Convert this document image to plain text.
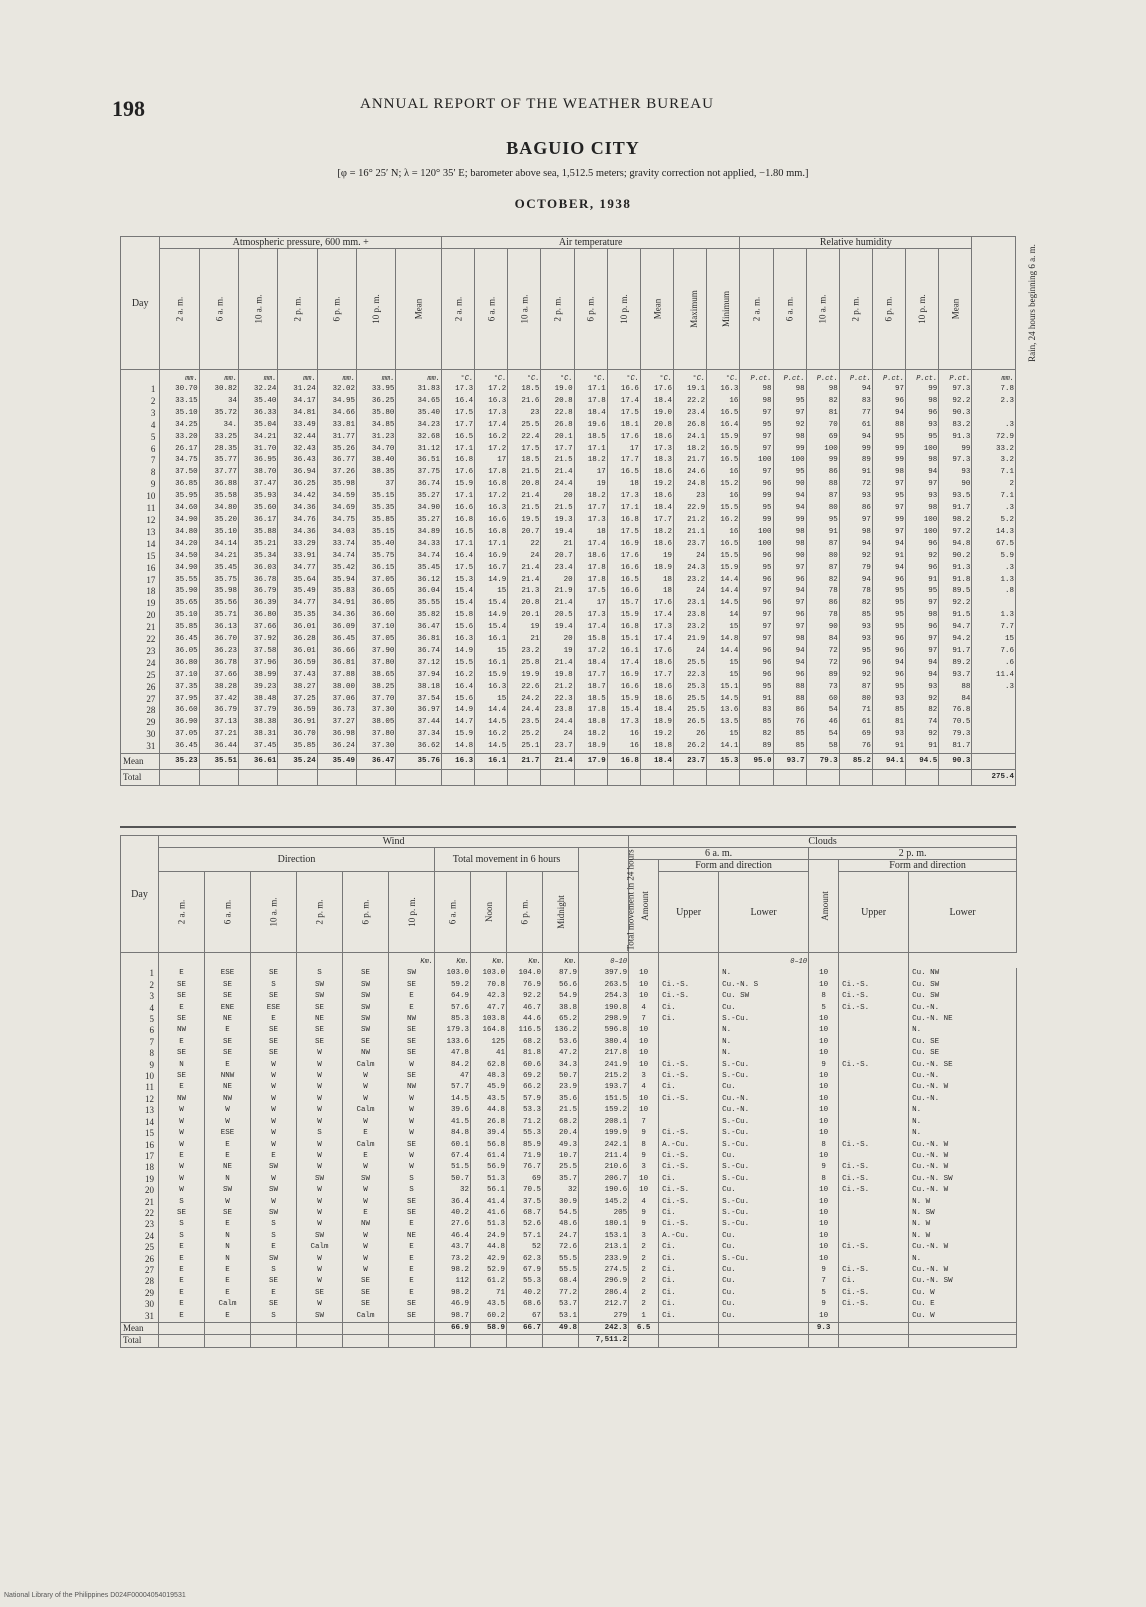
198	ANNUAL REPORT OF THE WEATHER BUREAU
BAGUIO CITY
[φ = 16° 25′ N; λ = 120° 35′ E; barometer above sea, 1,512.5 meters; gravity correction not applied, −1.80 mm.]
OCTOBER, 1938
Day	Atmospheric pressure, 600 mm. +							Air temperature									Relative humidity							Rain, 24 hours beginning 6 a. m.
	2 a. m.	6 a. m.	10 a. m.	2 p. m.	6 p. m.	10 p. m.	Mean	2 a. m.	6 a. m.	10 a. m.	2 p. m.	6 p. m.	10 p. m.	Mean	Maximum	Minimum	2 a. m.	6 a. m.	10 a. m.	2 p. m.	6 p. m.	10 p. m.	Mean	
	mm.	mm.	mm.	mm.	mm.	mm.	mm.	°C.	°C.	°C.	°C.	°C.	°C.	°C.	°C.	°C.	P.ct.	P.ct.	P.ct.	P.ct.	P.ct.	P.ct.	P.ct.	mm.
1	30.70	30.82	32.24	31.24	32.02	33.95	31.83	17.3	17.2	18.5	19.0	17.1	16.6	17.6	19.1	16.3	98	98	98	94	97	99	97.3	7.8
2	33.15	34	35.40	34.17	34.95	36.25	34.65	16.4	16.3	21.6	20.8	17.8	17.4	18.4	22.2	16	98	95	82	83	96	98	92.2	2.3
3	35.10	35.72	36.33	34.81	34.66	35.80	35.40	17.5	17.3	23	22.8	18.4	17.5	19.0	23.4	16.5	97	97	81	77	94	96	90.3	
4	34.25	34.	35.04	33.49	33.81	34.85	34.23	17.7	17.4	25.5	26.8	19.6	18.1	20.8	26.8	16.4	95	92	70	61	88	93	83.2	.3
5	33.20	33.25	34.21	32.44	31.77	31.23	32.68	16.5	16.2	22.4	20.1	18.5	17.6	18.6	24.1	15.9	97	98	69	94	95	95	91.3	72.9
6	26.17	28.35	31.70	32.43	35.26	34.70	31.12	17.1	17.2	17.5	17.7	17.1	17	17.3	18.2	16.5	97	99	100	99	99	100	99	33.2
7	34.75	35.77	36.95	36.43	36.77	38.40	36.51	16.8	17	18.5	21.5	18.2	17.7	18.3	21.7	16.5	100	100	99	89	99	98	97.3	3.2
8	37.50	37.77	38.70	36.94	37.26	38.35	37.75	17.6	17.8	21.5	21.4	17	16.5	18.6	24.6	16	97	95	86	91	98	94	93	7.1
9	36.85	36.88	37.47	36.25	35.98	37	36.74	15.9	16.8	20.8	24.4	19	18	19.2	24.8	15.2	96	90	88	72	97	97	90	2
10	35.95	35.58	35.93	34.42	34.59	35.15	35.27	17.1	17.2	21.4	20	18.2	17.3	18.6	23	16	99	94	87	93	95	93	93.5	7.1
11	34.60	34.80	35.60	34.36	34.69	35.35	34.90	16.6	16.3	21.5	21.5	17.7	17.1	18.4	22.9	15.5	95	94	80	86	97	98	91.7	.3
12	34.90	35.20	36.17	34.76	34.75	35.85	35.27	16.8	16.6	19.5	19.3	17.3	16.8	17.7	21.2	16.2	99	99	95	97	99	100	98.2	5.2
13	34.80	35.10	35.88	34.36	34.03	35.15	34.89	16.5	16.8	20.7	19.4	18	17.5	18.2	21.1	16	100	98	91	98	97	100	97.2	14.3
14	34.20	34.14	35.21	33.29	33.74	35.40	34.33	17.1	17.1	22	21	17.4	16.9	18.6	23.7	16.5	100	98	87	94	94	96	94.8	67.5
15	34.50	34.21	35.34	33.91	34.74	35.75	34.74	16.4	16.9	24	20.7	18.6	17.6	19	24	15.5	96	90	80	92	91	92	90.2	5.9
16	34.90	35.45	36.03	34.77	35.42	36.15	35.45	17.5	16.7	21.4	23.4	17.8	16.6	18.9	24.3	15.9	95	97	87	79	94	96	91.3	.3
17	35.55	35.75	36.78	35.64	35.94	37.05	36.12	15.3	14.9	21.4	20	17.8	16.5	18	23.2	14.4	96	96	82	94	96	91	91.8	1.3
18	35.90	35.98	36.79	35.49	35.83	36.65	36.04	15.4	15	21.3	21.9	17.5	16.6	18	24	14.4	97	94	78	78	95	95	89.5	.8
19	35.65	35.56	36.39	34.77	34.91	36.05	35.55	15.4	15.4	20.8	21.4	17	15.7	17.6	23.1	14.5	96	97	86	82	95	97	92.2	
20	35.10	35.71	36.80	35.35	34.36	36.60	35.82	15.8	14.9	20.1	20.5	17.3	15.9	17.4	23.8	14	97	96	78	85	95	98	91.5	1.3
21	35.85	36.13	37.66	36.01	36.09	37.10	36.47	15.6	15.4	19	19.4	17.4	16.8	17.3	23.2	15	97	97	90	93	95	96	94.7	7.7
22	36.45	36.70	37.92	36.28	36.45	37.05	36.81	16.3	16.1	21	20	15.8	15.1	17.4	21.9	14.8	97	98	84	93	96	97	94.2	15
23	36.05	36.23	37.58	36.01	36.66	37.90	36.74	14.9	15	23.2	19	17.2	16.1	17.6	24	14.4	96	94	72	95	96	97	91.7	7.6
24	36.80	36.78	37.96	36.59	36.81	37.80	37.12	15.5	16.1	25.8	21.4	18.4	17.4	18.6	25.5	15	96	94	72	96	94	94	89.2	.6
25	37.10	37.66	38.99	37.43	37.88	38.65	37.94	16.2	15.9	19.9	19.8	17.7	16.9	17.7	22.3	15	96	96	89	92	96	94	93.7	11.4
26	37.35	38.28	39.23	38.27	38.00	38.25	38.18	16.4	16.3	22.6	21.2	18.7	16.6	18.6	25.3	15.1	95	88	73	87	95	93	88	.3
27	37.95	37.42	38.48	37.25	37.06	37.70	37.54	15.6	15	24.2	22.3	18.5	15.9	18.6	25.5	14.5	91	88	60	80	93	92	84	
28	36.60	36.79	37.79	36.59	36.73	37.30	36.97	14.9	14.4	24.4	23.8	17.8	15.4	18.4	25.5	13.6	83	86	54	71	85	82	76.8	
29	36.90	37.13	38.38	36.91	37.27	38.05	37.44	14.7	14.5	23.5	24.4	18.8	17.3	18.9	26.5	13.5	85	76	46	61	81	74	70.5	
30	37.05	37.21	38.31	36.70	36.98	37.80	37.34	15.9	16.2	25.2	24	18.2	16	19.2	26	15	82	85	54	69	93	92	79.3	
31	36.45	36.44	37.45	35.85	36.24	37.30	36.62	14.8	14.5	25.1	23.7	18.9	16	18.8	26.2	14.1	89	85	58	76	91	91	81.7	
Mean	35.23	35.51	36.61	35.24	35.49	36.47	35.76	16.3	16.1	21.7	21.4	17.9	16.8	18.4	23.7	15.3	95.0	93.7	79.3	85.2	94.1	94.5	90.3	
Total																								275.4
Day	Wind											Clouds					
	Direction						Total movement in 6 hours				Total movement in 24 hours	6 a. m.			2 p. m.		
												Amount	Form and direction		Amount	Form and direction	
	2 a. m.	6 a. m.	10 a. m.	2 p. m.	6 p. m.	10 p. m.	6 a. m.	Noon	6 p. m.	Midnight			Upper	Lower		Upper	Lower
						Km.	Km.	Km.	Km.	Km.	0–10			0–10			
1	E	ESE	SE	S	SE	SW	103.0	103.0	104.0	87.9	397.9	10		N.	10		Cu. NW
2	SE	SE	S	SW	SW	SE	59.2	70.8	76.9	56.6	263.5	10	Ci.-S.	Cu.-N. S	10	Ci.-S.	Cu. SW
3	SE	SE	SE	SW	SW	E	64.9	42.3	92.2	54.9	254.3	10	Ci.-S.	Cu. SW	8	Ci.-S.	Cu. SW
4	E	ENE	ESE	SE	SW	E	57.6	47.7	46.7	38.8	190.8	4	Ci.	Cu.	5	Ci.-S.	Cu.-N.
5	SE	NE	E	NE	SW	NW	85.3	103.8	44.6	65.2	298.9	7	Ci.	S.-Cu.	10		Cu.-N. NE
6	NW	E	SE	SE	SW	SE	179.3	164.8	116.5	136.2	596.8	10		N.	10		N.
7	E	SE	SE	SE	SE	SE	133.6	125	68.2	53.6	380.4	10		N.	10		Cu. SE
8	SE	SE	SE	W	NW	SE	47.8	41	81.8	47.2	217.8	10		N.	10		Cu. SE
9	N	E	W	W	Calm	W	84.2	62.8	60.6	34.3	241.9	10	Ci.-S.	S.-Cu.	9	Ci.-S.	Cu.-N. SE
10	SE	NNW	W	W	W	SE	47	48.3	69.2	50.7	215.2	3	Ci.-S.	S.-Cu.	10		Cu.-N.
11	E	NE	W	W	W	NW	57.7	45.9	66.2	23.9	193.7	4	Ci.	Cu.	10		Cu.-N. W
12	NW	NW	W	W	W	W	14.5	43.5	57.9	35.6	151.5	10	Ci.-S.	Cu.-N.	10		Cu.-N.
13	W	W	W	W	Calm	W	39.6	44.8	53.3	21.5	159.2	10		Cu.-N.	10		N.
14	W	W	W	W	W	W	41.5	26.8	71.2	68.2	208.1	7		S.-Cu.	10		N.
15	W	ESE	W	S	E	W	84.8	39.4	55.3	20.4	199.9	9	Ci.-S.	S.-Cu.	10		N.
16	W	E	W	W	Calm	SE	60.1	56.8	85.9	49.3	242.1	8	A.-Cu.	S.-Cu.	8	Ci.-S.	Cu.-N. W
17	E	E	E	W	E	W	67.4	61.4	71.9	10.7	211.4	9	Ci.-S.	Cu.	10		Cu.-N. W
18	W	NE	SW	W	W	W	51.5	56.9	76.7	25.5	210.6	3	Ci.-S.	S.-Cu.	9	Ci.-S.	Cu.-N. W
19	W	N	W	SW	SW	S	50.7	51.3	69	35.7	206.7	10	Ci.	S.-Cu.	8	Ci.-S.	Cu.-N. SW
20	W	SW	SW	W	W	S	32	56.1	70.5	32	190.6	10	Ci.-S.	Cu.	10	Ci.-S.	Cu.-N. W
21	S	W	W	W	W	SE	36.4	41.4	37.5	30.9	145.2	4	Ci.-S.	S.-Cu.	10		N. W
22	SE	SE	SW	W	E	SE	40.2	41.6	68.7	54.5	205	9	Ci.	S.-Cu.	10		N. SW
23	S	E	S	W	NW	E	27.6	51.3	52.6	48.6	180.1	9	Ci.-S.	S.-Cu.	10		N. W
24	S	N	S	SW	W	NE	46.4	24.9	57.1	24.7	153.1	3	A.-Cu.	Cu.	10		N. W
25	E	N	E	Calm	W	E	43.7	44.8	52	72.6	213.1	2	Ci.	Cu.	10	Ci.-S.	Cu.-N. W
26	E	N	SW	W	W	E	73.2	42.9	62.3	55.5	233.9	2	Ci.	S.-Cu.	10		N.
27	E	E	S	W	W	E	98.2	52.9	67.9	55.5	274.5	2	Ci.	Cu.	9	Ci.-S.	Cu.-N. W
28	E	E	SE	W	SE	E	112	61.2	55.3	68.4	296.9	2	Ci.	Cu.	7	Ci.	Cu.-N. SW
29	E	E	E	SE	SE	E	98.2	71	40.2	77.2	286.4	2	Ci.	Cu.	5	Ci.-S.	Cu. W
30	E	Calm	SE	W	SE	SE	46.9	43.5	68.6	53.7	212.7	2	Ci.	Cu.	9	Ci.-S.	Cu. E
31	E	E	S	SW	Calm	SE	98.7	60.2	67	53.1	279	1	Ci.	Cu.	10		Cu. W
Mean							66.9	58.9	66.7	49.8	242.3	6.5			9.3		
Total											7,511.2						
National Library of the Philippines D024F00004054019531
